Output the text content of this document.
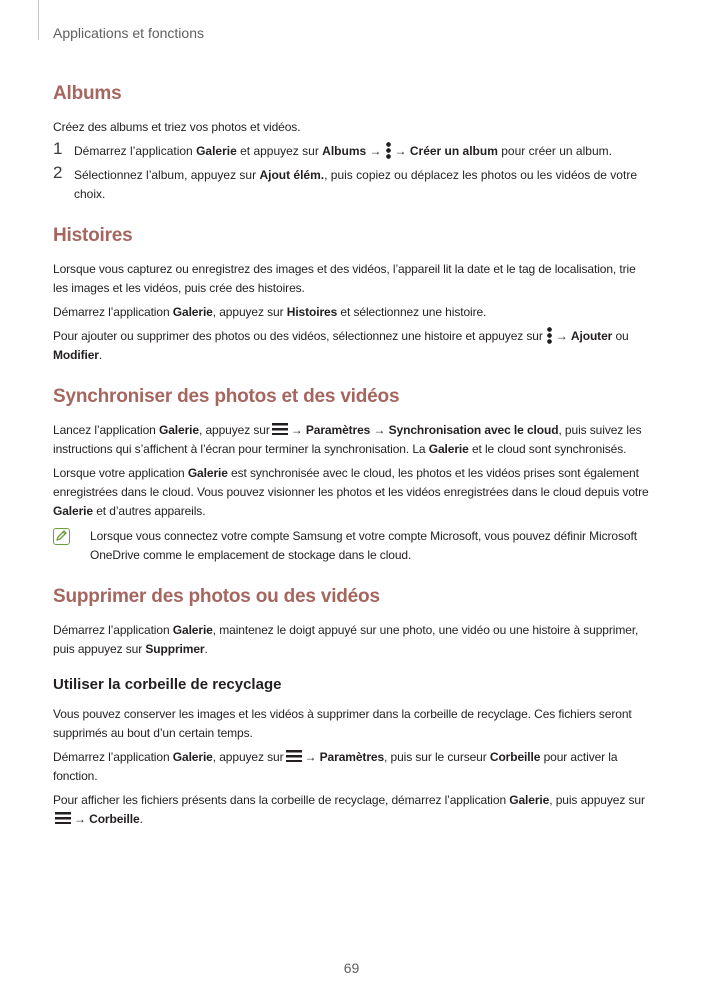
Applications et fonctions
Albums

Créez des albums et triez vos photos et vidéos.

1 Démarrez l’application Galerie et appuyez sur Albums → → Créer un album pour créer un album.
2 Sélectionnez l’album, appuyez sur Ajout élém., puis copiez ou déplacez les photos ou les vidéos de votre choix.
Histoires

Lorsque vous capturez ou enregistrez des images et des vidéos, l’appareil lit la date et le tag de localisation, trie les images et les vidéos, puis crée des histoires.

Démarrez l’application Galerie, appuyez sur Histoires et sélectionnez une histoire.

Pour ajouter ou supprimer des photos ou des vidéos, sélectionnez une histoire et appuyez sur → Ajouter ou Modifier.

Synchroniser des photos et des vidéos

Lancez l’application Galerie, appuyez sur → Paramètres → Synchronisation avec le cloud, puis suivez les instructions qui s’affichent à l’écran pour terminer la synchronisation. La Galerie et le cloud sont synchronisés.

Lorsque votre application Galerie est synchronisée avec le cloud, les photos et les vidéos prises sont également enregistrées dans le cloud. Vous pouvez visionner les photos et les vidéos enregistrées dans le cloud depuis votre Galerie et d’autres appareils.

Lorsque vous connectez votre compte Samsung et votre compte Microsoft, vous pouvez définir Microsoft OneDrive comme le emplacement de stockage dans le cloud.

Supprimer des photos ou des vidéos

Démarrez l’application Galerie, maintenez le doigt appuyé sur une photo, une vidéo ou une histoire à supprimer, puis appuyez sur Supprimer.

Utiliser la corbeille de recyclage

Vous pouvez conserver les images et les vidéos à supprimer dans la corbeille de recyclage. Ces fichiers seront supprimés au bout d’un certain temps.

Démarrez l’application Galerie, appuyez sur → Paramètres, puis sur le curseur Corbeille pour activer la fonction.

Pour afficher les fichiers présents dans la corbeille de recyclage, démarrez l’application Galerie, puis appuyez sur→ Corbeille.

69
